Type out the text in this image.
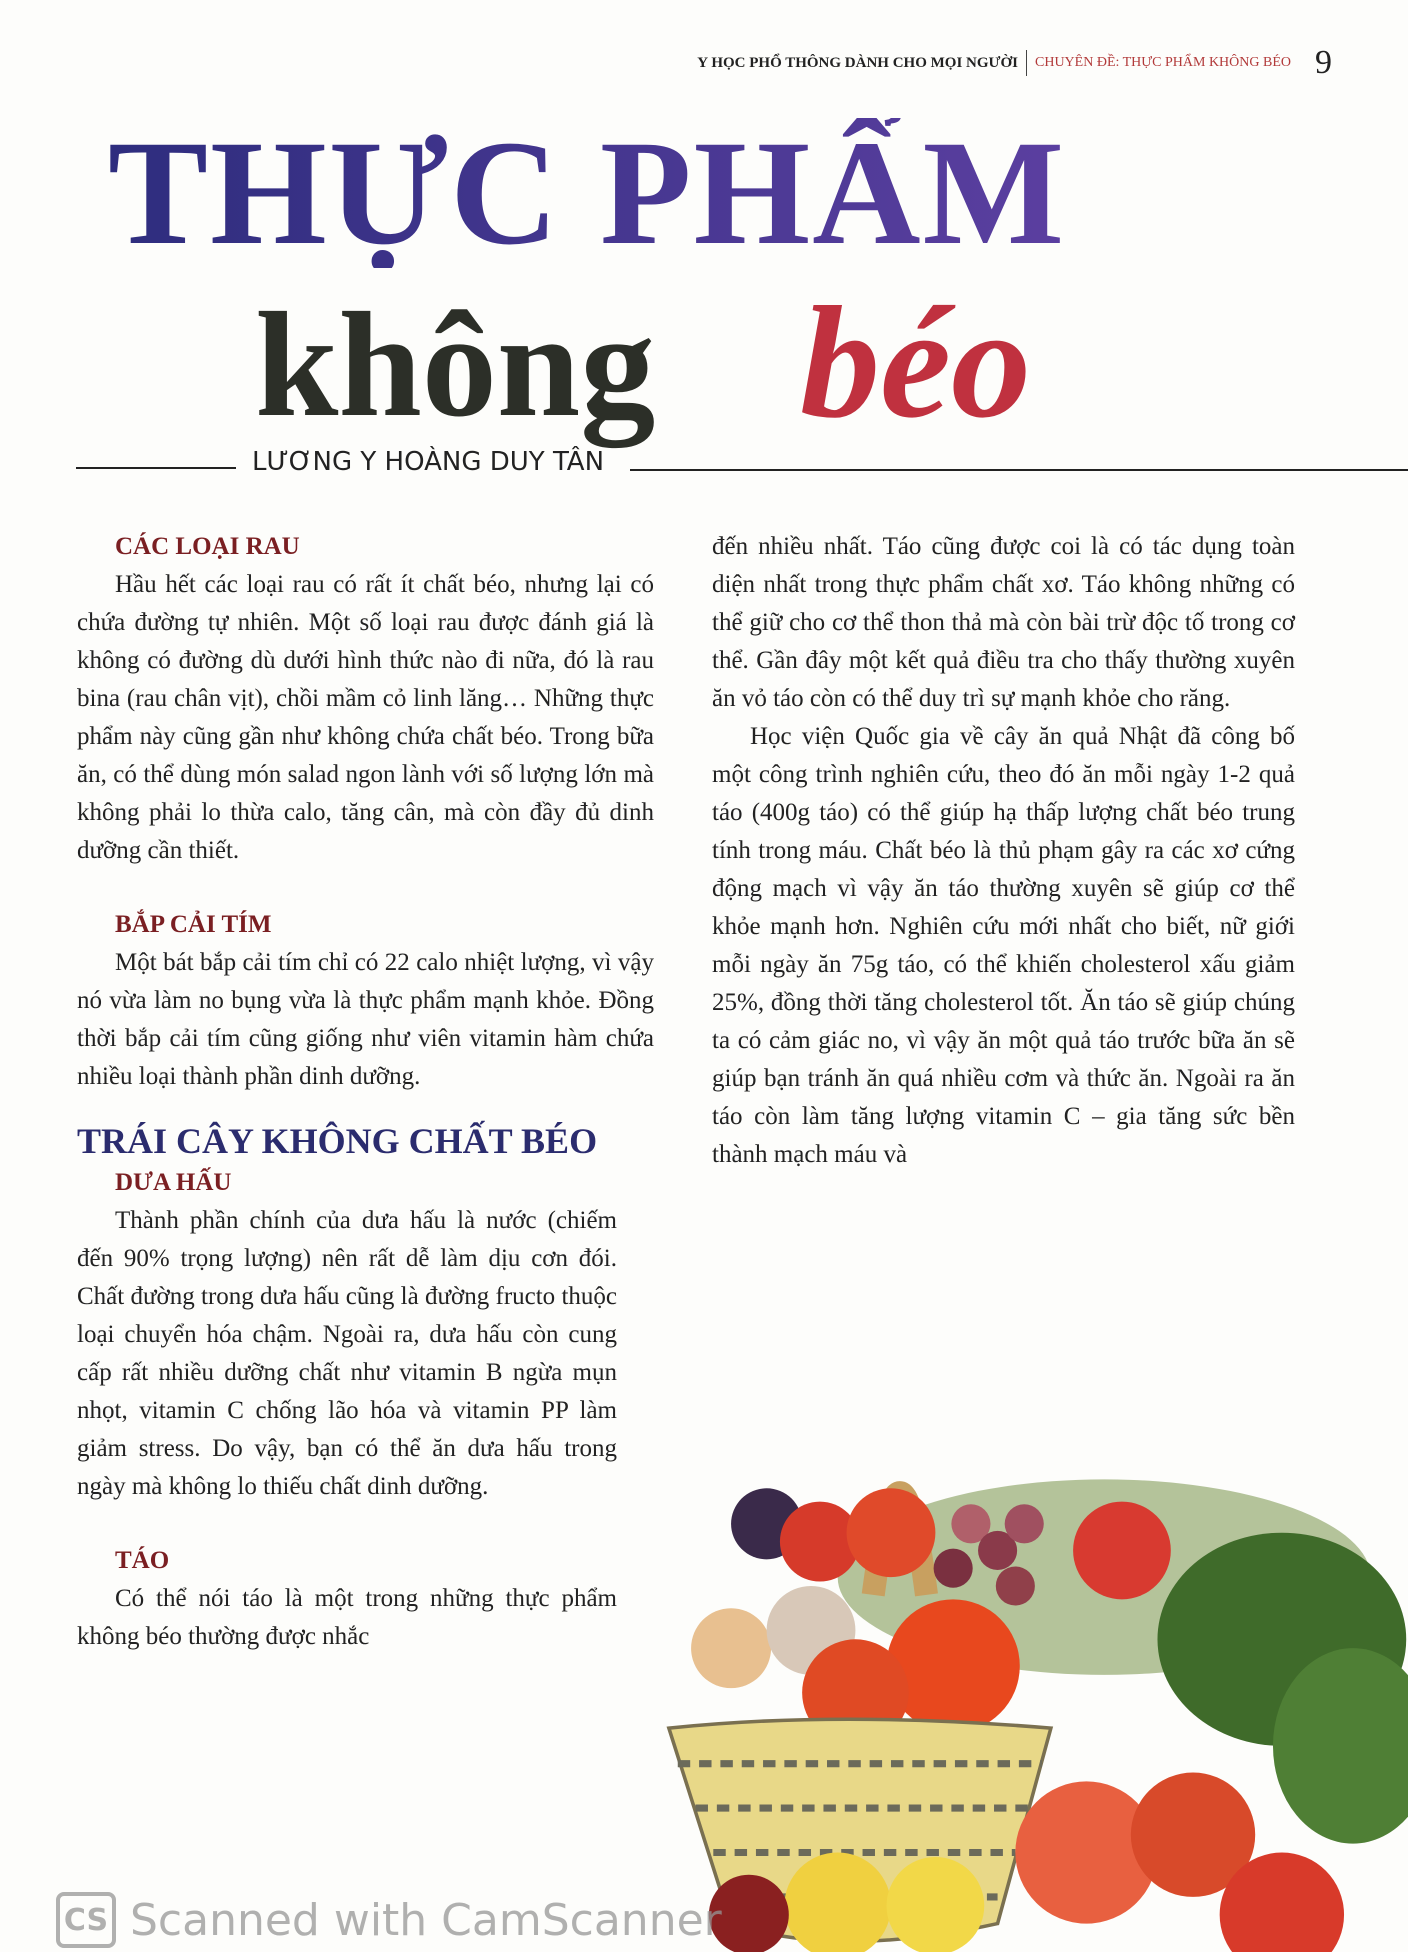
Y HỌC PHỔ THÔNG DÀNH CHO MỌI NGƯỜI CHUYÊN ĐỀ: THỰC PHẨM KHÔNG BÉO 9
THỰC PHẨM
không béo
LƯƠNG Y HOÀNG DUY TÂN
CÁC LOẠI RAU

Hầu hết các loại rau có rất ít chất béo, nhưng lại có chứa đường tự nhiên. Một số loại rau được đánh giá là không có đường dù dưới hình thức nào đi nữa, đó là rau bina (rau chân vịt), chồi mầm cỏ linh lăng… Những thực phẩm này cũng gần như không chứa chất béo. Trong bữa ăn, có thể dùng món salad ngon lành với số lượng lớn mà không phải lo thừa calo, tăng cân, mà còn đầy đủ dinh dưỡng cần thiết.

BẮP CẢI TÍM

Một bát bắp cải tím chỉ có 22 calo nhiệt lượng, vì vậy nó vừa làm no bụng vừa là thực phẩm mạnh khỏe. Đồng thời bắp cải tím cũng giống như viên vitamin hàm chứa nhiều loại thành phần dinh dưỡng.

TRÁI CÂY KHÔNG CHẤT BÉO
DƯA HẤU

Thành phần chính của dưa hấu là nước (chiếm đến 90% trọng lượng) nên rất dễ làm dịu cơn đói. Chất đường trong dưa hấu cũng là đường fructo thuộc loại chuyển hóa chậm. Ngoài ra, dưa hấu còn cung cấp rất nhiều dưỡng chất như vitamin B ngừa mụn nhọt, vitamin C chống lão hóa và vitamin PP làm giảm stress. Do vậy, bạn có thể ăn dưa hấu trong ngày mà không lo thiếu chất dinh dưỡng.

TÁO

Có thể nói táo là một trong những thực phẩm không béo thường được nhắc

đến nhiều nhất. Táo cũng được coi là có tác dụng toàn diện nhất trong thực phẩm chất xơ. Táo không những có thể giữ cho cơ thể thon thả mà còn bài trừ độc tố trong cơ thể. Gần đây một kết quả điều tra cho thấy thường xuyên ăn vỏ táo còn có thể duy trì sự mạnh khỏe cho răng.

Học viện Quốc gia về cây ăn quả Nhật đã công bố một công trình nghiên cứu, theo đó ăn mỗi ngày 1-2 quả táo (400g táo) có thể giúp hạ thấp lượng chất béo trung tính trong máu. Chất béo là thủ phạm gây ra các xơ cứng động mạch vì vậy ăn táo thường xuyên sẽ giúp cơ thể khỏe mạnh hơn. Nghiên cứu mới nhất cho biết, nữ giới mỗi ngày ăn 75g táo, có thể khiến cholesterol xấu giảm 25%, đồng thời tăng cholesterol tốt. Ăn táo sẽ giúp chúng ta có cảm giác no, vì vậy ăn một quả táo trước bữa ăn sẽ giúp bạn tránh ăn quá nhiều cơm và thức ăn. Ngoài ra ăn táo còn làm tăng lượng vitamin C – gia tăng sức bền thành mạch máu và

CS Scanned with CamScanner
